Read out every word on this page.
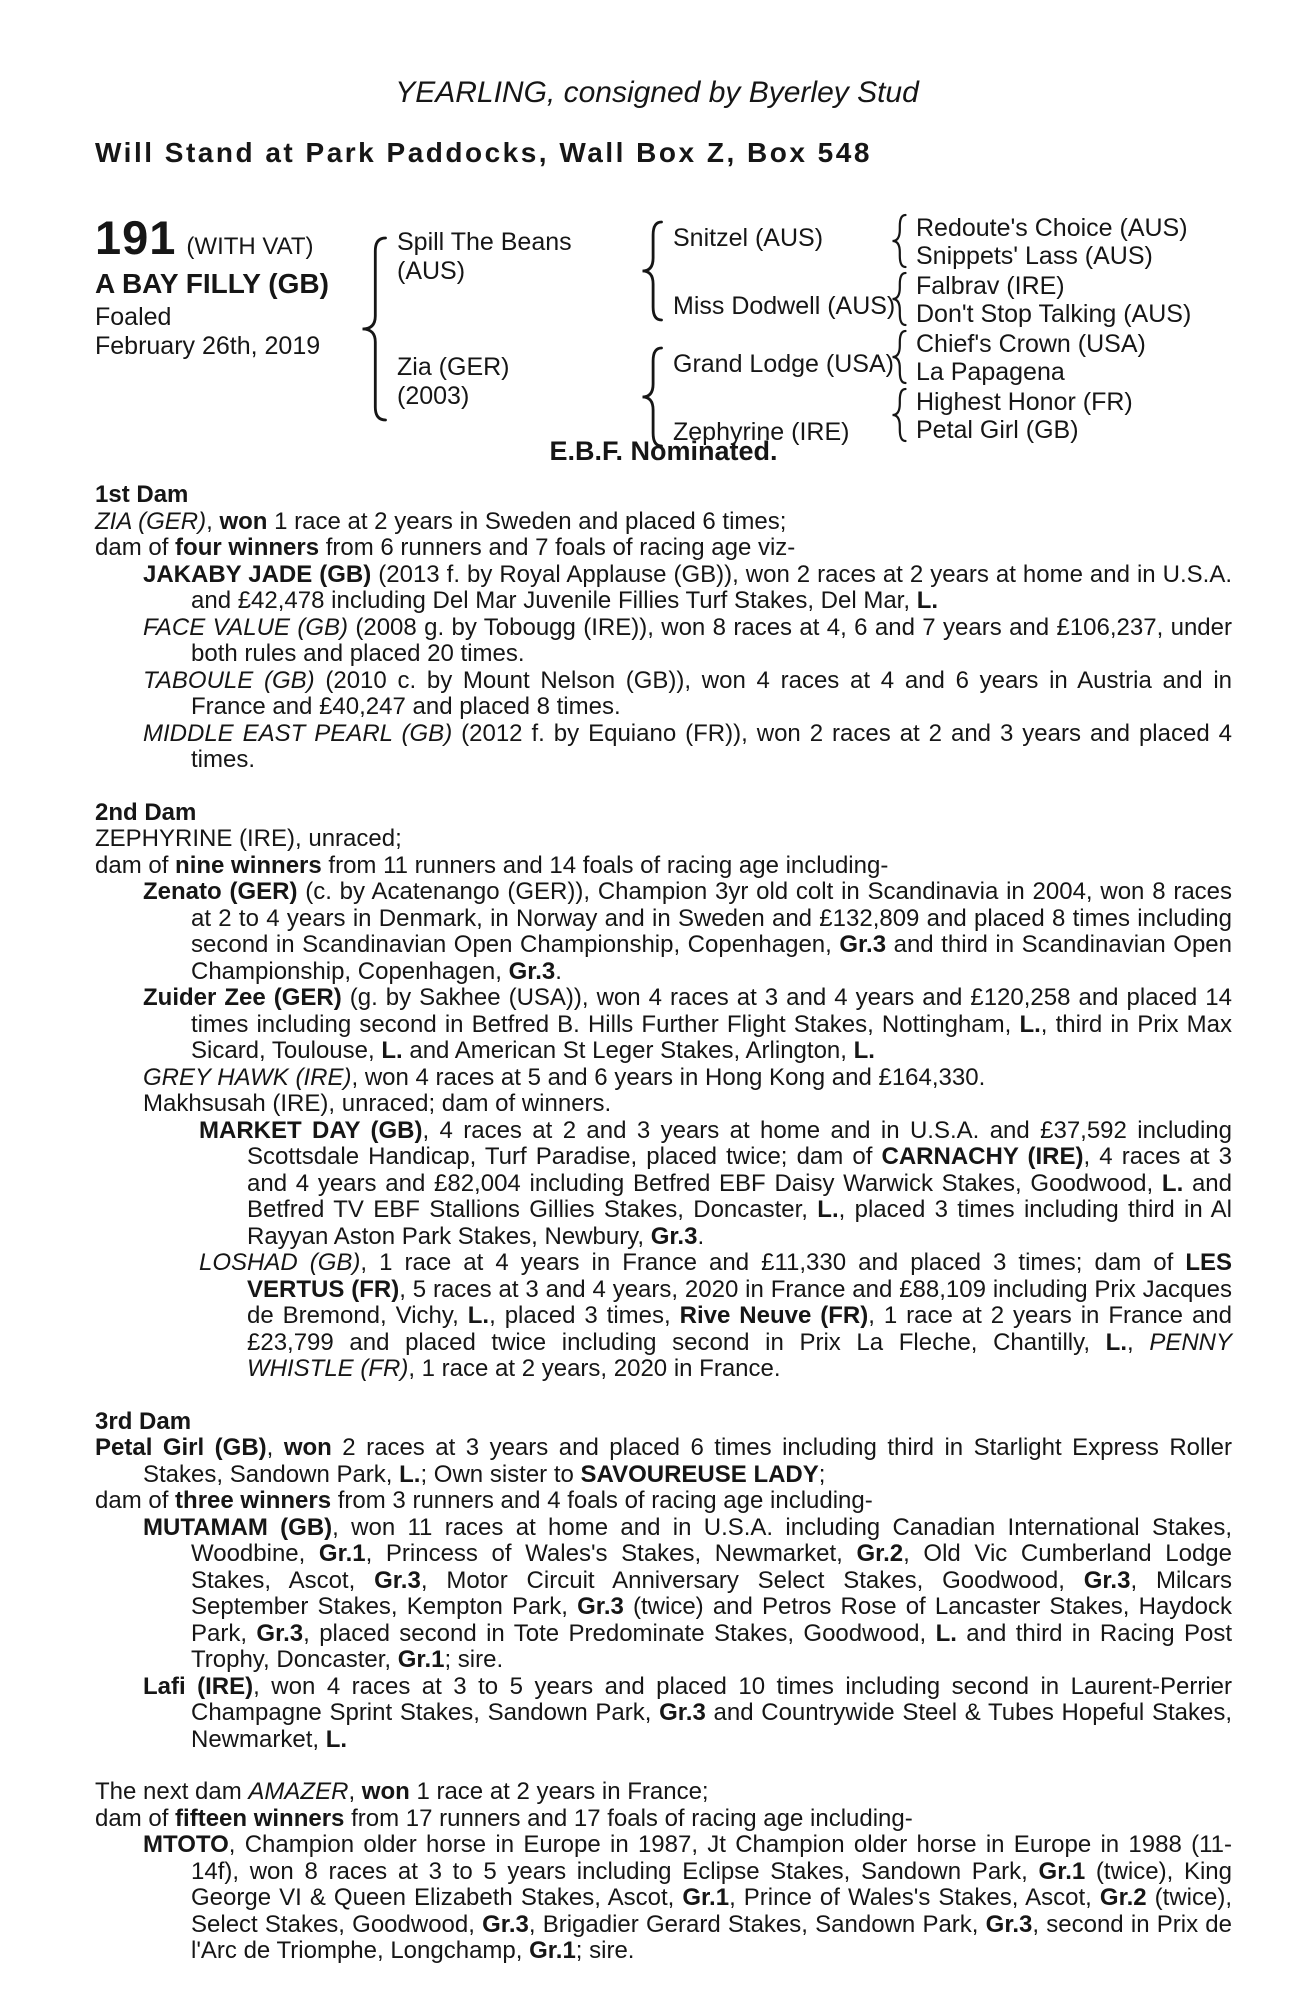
YEARLING, consigned by Byerley Stud
Will Stand at Park Paddocks, Wall Box Z, Box 548
191 (WITH VAT)
A BAY FILLY (GB)
Foaled
February 26th, 2019
Spill The Beans
(AUS)
Zia (GER)
(2003)
Snitzel (AUS)
Miss Dodwell (AUS)
Grand Lodge (USA)
Zephyrine (IRE)
Redoute's Choice (AUS)
Snippets' Lass (AUS)
Falbrav (IRE)
Don't Stop Talking (AUS)
Chief's Crown (USA)
La Papagena
Highest Honor (FR)
Petal Girl (GB)
E.B.F. Nominated.
1st Dam

ZIA (GER), won 1 race at 2 years in Sweden and placed 6 times;

dam of four winners from 6 runners and 7 foals of racing age viz-

JAKABY JADE (GB) (2013 f. by Royal Applause (GB)), won 2 races at 2 years at home and in U.S.A. and £42,478 including Del Mar Juvenile Fillies Turf Stakes, Del Mar, L.

FACE VALUE (GB) (2008 g. by Tobougg (IRE)), won 8 races at 4, 6 and 7 years and £106,237, under both rules and placed 20 times.

TABOULE (GB) (2010 c. by Mount Nelson (GB)), won 4 races at 4 and 6 years in Austria and in France and £40,247 and placed 8 times.

MIDDLE EAST PEARL (GB) (2012 f. by Equiano (FR)), won 2 races at 2 and 3 years and placed 4 times.

2nd Dam

ZEPHYRINE (IRE), unraced;

dam of nine winners from 11 runners and 14 foals of racing age including-

Zenato (GER) (c. by Acatenango (GER)), Champion 3yr old colt in Scandinavia in 2004, won 8 races at 2 to 4 years in Denmark, in Norway and in Sweden and £132,809 and placed 8 times including second in Scandinavian Open Championship, Copenhagen, Gr.3 and third in Scandinavian Open Championship, Copenhagen, Gr.3.

Zuider Zee (GER) (g. by Sakhee (USA)), won 4 races at 3 and 4 years and £120,258 and placed 14 times including second in Betfred B. Hills Further Flight Stakes, Nottingham, L., third in Prix Max Sicard, Toulouse, L. and American St Leger Stakes, Arlington, L.

GREY HAWK (IRE), won 4 races at 5 and 6 years in Hong Kong and £164,330.

Makhsusah (IRE), unraced; dam of winners.

MARKET DAY (GB), 4 races at 2 and 3 years at home and in U.S.A. and £37,592 including Scottsdale Handicap, Turf Paradise, placed twice; dam of CARNACHY (IRE), 4 races at 3 and 4 years and £82,004 including Betfred EBF Daisy Warwick Stakes, Goodwood, L. and Betfred TV EBF Stallions Gillies Stakes, Doncaster, L., placed 3 times including third in Al Rayyan Aston Park Stakes, Newbury, Gr.3.

LOSHAD (GB), 1 race at 4 years in France and £11,330 and placed 3 times; dam of LES VERTUS (FR), 5 races at 3 and 4 years, 2020 in France and £88,109 including Prix Jacques de Bremond, Vichy, L., placed 3 times, Rive Neuve (FR), 1 race at 2 years in France and £23,799 and placed twice including second in Prix La Fleche, Chantilly, L., PENNY WHISTLE (FR), 1 race at 2 years, 2020 in France.

3rd Dam

Petal Girl (GB), won 2 races at 3 years and placed 6 times including third in Starlight Express Roller Stakes, Sandown Park, L.; Own sister to SAVOUREUSE LADY;

dam of three winners from 3 runners and 4 foals of racing age including-

MUTAMAM (GB), won 11 races at home and in U.S.A. including Canadian International Stakes, Woodbine, Gr.1, Princess of Wales's Stakes, Newmarket, Gr.2, Old Vic Cumberland Lodge Stakes, Ascot, Gr.3, Motor Circuit Anniversary Select Stakes, Goodwood, Gr.3, Milcars September Stakes, Kempton Park, Gr.3 (twice) and Petros Rose of Lancaster Stakes, Haydock Park, Gr.3, placed second in Tote Predominate Stakes, Goodwood, L. and third in Racing Post Trophy, Doncaster, Gr.1; sire.

Lafi (IRE), won 4 races at 3 to 5 years and placed 10 times including second in Laurent-Perrier Champagne Sprint Stakes, Sandown Park, Gr.3 and Countrywide Steel & Tubes Hopeful Stakes, Newmarket, L.

The next dam AMAZER, won 1 race at 2 years in France;

dam of fifteen winners from 17 runners and 17 foals of racing age including-

MTOTO, Champion older horse in Europe in 1987, Jt Champion older horse in Europe in 1988 (11-14f), won 8 races at 3 to 5 years including Eclipse Stakes, Sandown Park, Gr.1 (twice), King George VI & Queen Elizabeth Stakes, Ascot, Gr.1, Prince of Wales's Stakes, Ascot, Gr.2 (twice), Select Stakes, Goodwood, Gr.3, Brigadier Gerard Stakes, Sandown Park, Gr.3, second in Prix de l'Arc de Triomphe, Longchamp, Gr.1; sire.
